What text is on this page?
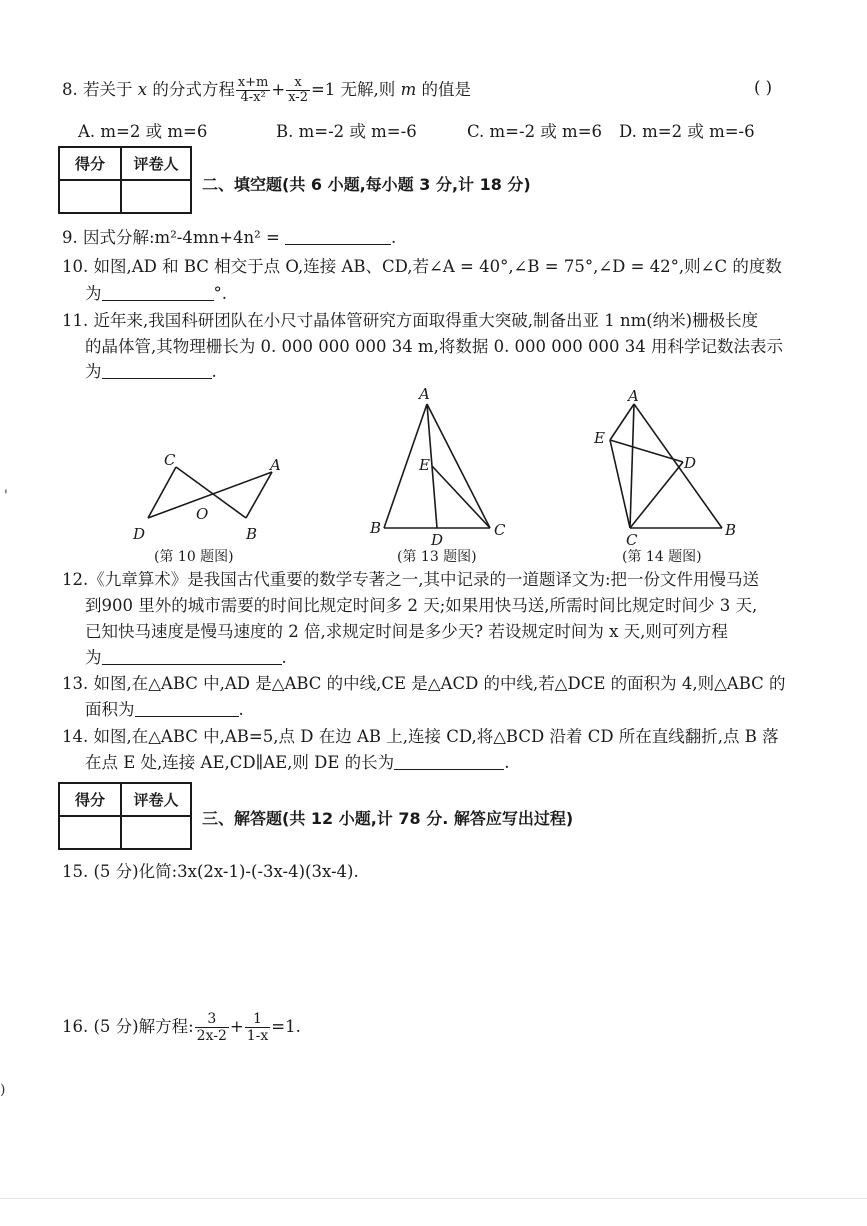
'
)
8. 若关于 x 的分式方程 $\frac{x+m}{\text{4-x²}} + \frac{x}{x-2} =1$ 无解,则 m 的值是	( )
A. m=2 或 m=6	B. m=-2 或 m=-6	C. m=-2 或 m=6 D. m=2 或 m=-6
得分	评卷人

二、填空题(共 6 小题,每小题 3 分,计 18 分)
9. 因式分解:m²-4mn+4n² =	.
10. 如图,AD 和 BC 相交于点 O,连接 AB、CD,若∠A = 40°,∠B = 75°,∠D = 42°,则∠C 的度数
为	°.
11. 近年来,我国科研团队在小尺寸晶体管研究方面取得重大突破,制备出亚 1 nm(纳米)栅极长度
的晶体管,其物理栅长为 0. 000 000 000 34 m,将数据 0. 000 000 000 34 用科学记数法表示
为	.
C	A
O
D	B
(第 10 题图)
A
E
B
D
C
(第 13 题图)
A
E
D
C
B
(第 14 题图)
12.《九章算术》是我国古代重要的数学专著之一,其中记录的一道题译文为:把一份文件用慢马送
到900 里外的城市需要的时间比规定时间多 2 天;如果用快马送,所需时间比规定时间少 3 天,
已知快马速度是慢马速度的 2 倍,求规定时间是多少天? 若设规定时间为 x 天,则可列方程
为	.
13. 如图,在△ABC 中,AD 是△ABC 的中线,CE 是△ACD 的中线,若△DCE 的面积为 4,则△ABC 的
面积为	.
14. 如图,在△ABC 中,AB=5,点 D 在边 AB 上,连接 CD,将△BCD 沿着 CD 所在直线翻折,点 B 落
在点 E 处,连接 AE,CD∥AE,则 DE 的长为	.
得分	评卷人

三、解答题(共 12 小题,计 78 分. 解答应写出过程)
15. (5 分)化简:3x(2x-1)-(-3x-4)(3x-4).
16. (5 分)解方程: $\frac{3}{2x-2} + \frac{1}{1-x} =1$.
